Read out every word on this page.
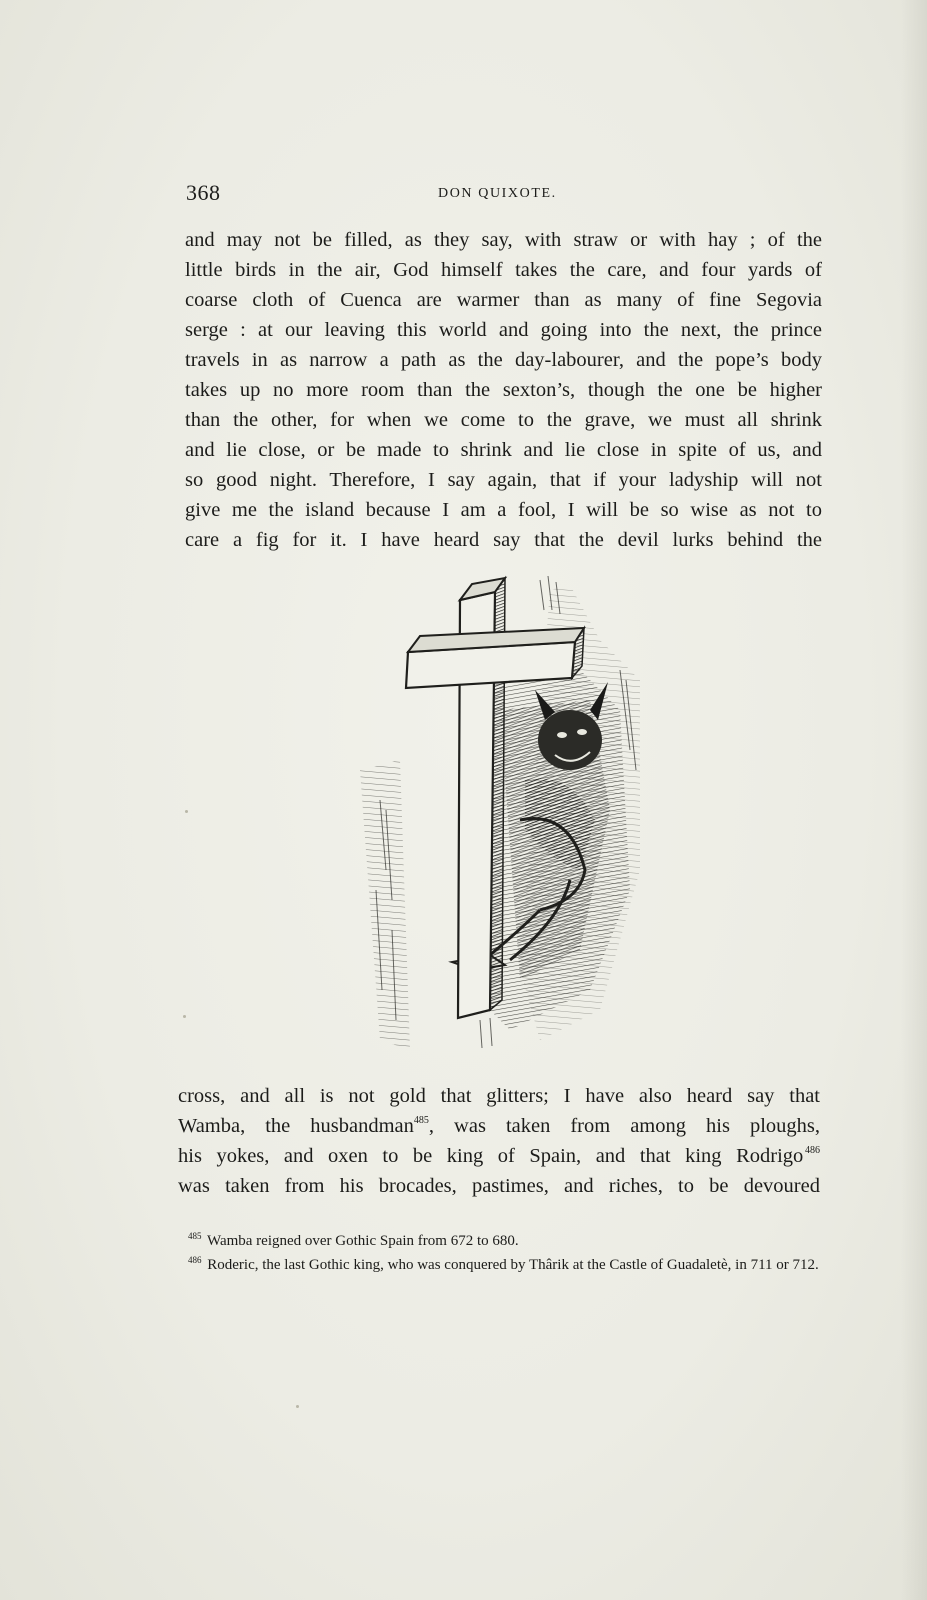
368	DON QUIXOTE.
and may not be filled, as they say, with straw or with hay ; of the
little birds in the air, God himself takes the care, and four yards of
coarse cloth of Cuenca are warmer than as many of fine Segovia
serge : at our leaving this world and going into the next, the prince
travels in as narrow a path as the day-labourer, and the pope’s body
takes up no more room than the sexton’s, though the one be higher
than the other, for when we come to the grave, we must all shrink
and lie close, or be made to shrink and lie close in spite of us, and
so good night. Therefore, I say again, that if your ladyship will not
give me the island because I am a fool, I will be so wise as not to
care a fig for it. I have heard say that the devil lurks behind the
cross, and all is not gold that glitters; I have also heard say that
Wamba, the husbandman$^{485}$, was taken from among his ploughs,
his yokes, and oxen to be king of Spain, and that king Rodrigo  $^{486}$
was taken from his brocades, pastimes, and riches, to be devoured

$^{485}$ Wamba reigned over Gothic Spain from 672 to 680.

$^{486}$ Roderic, the last Gothic king, who was conquered by Thârik at the Castle of Guadaletè, in 711 or 712.
